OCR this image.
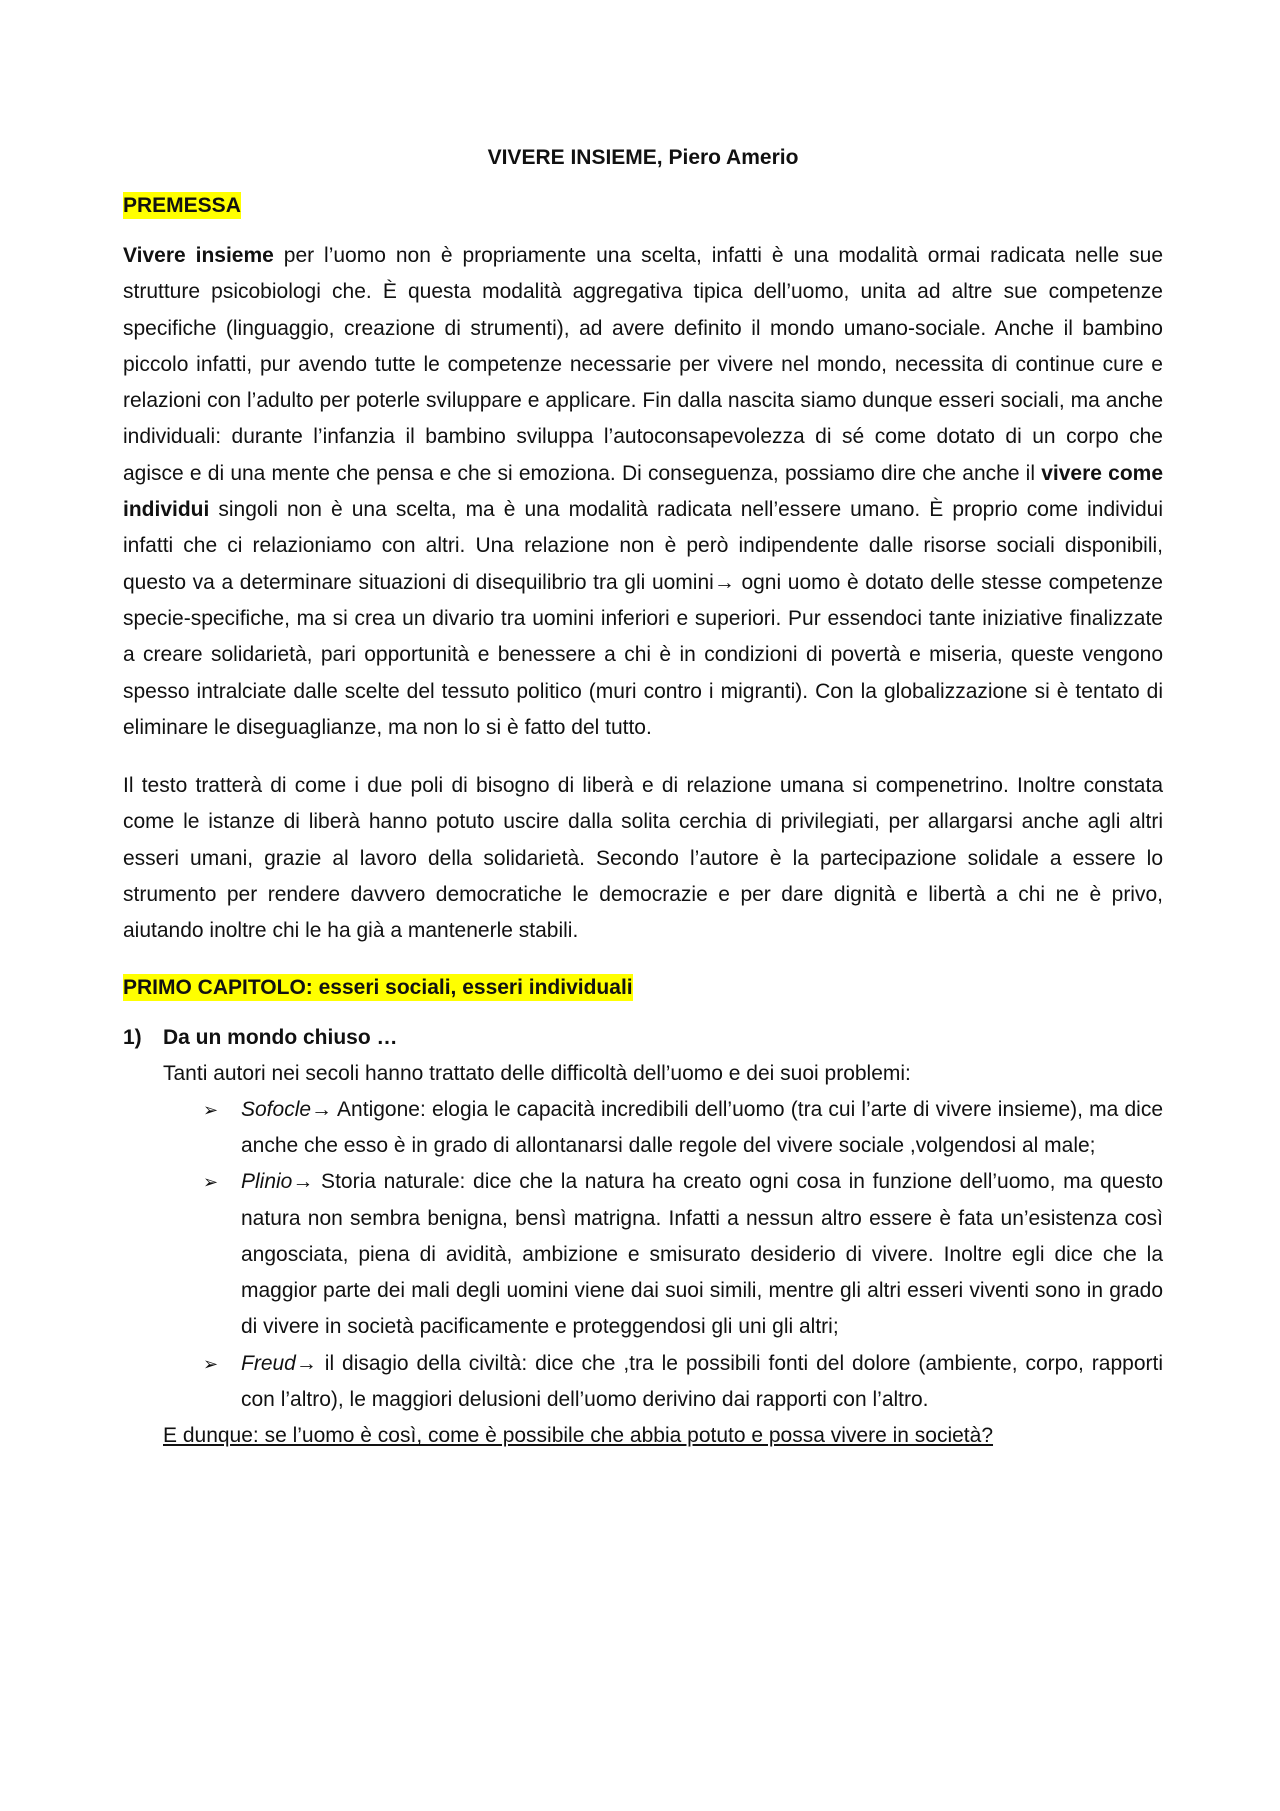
VIVERE INSIEME, Piero Amerio
PREMESSA

Vivere insieme per l’uomo non è propriamente una scelta, infatti è una modalità ormai radicata nelle sue strutture psicobiologi che. È questa modalità aggregativa tipica dell’uomo, unita ad altre sue competenze specifiche (linguaggio, creazione di strumenti), ad avere definito il mondo umano-sociale. Anche il bambino piccolo infatti, pur avendo tutte le competenze necessarie per vivere nel mondo, necessita di continue cure e relazioni con l’adulto per poterle sviluppare e applicare. Fin dalla nascita siamo dunque esseri sociali, ma anche individuali: durante l’infanzia il bambino sviluppa l’autoconsapevolezza di sé come dotato di un corpo che agisce e di una mente che pensa e che si emoziona. Di conseguenza, possiamo dire che anche il vivere come individui singoli non è una scelta, ma è una modalità radicata nell’essere umano. È proprio come individui infatti che ci relazioniamo con altri. Una relazione non è però indipendente dalle risorse sociali disponibili, questo va a determinare situazioni di disequilibrio tra gli uomini→ ogni uomo è dotato delle stesse competenze specie-specifiche, ma si crea un divario tra uomini inferiori e superiori. Pur essendoci tante iniziative finalizzate a creare solidarietà, pari opportunità e benessere a chi è in condizioni di povertà e miseria, queste vengono spesso intralciate dalle scelte del tessuto politico (muri contro i migranti). Con la globalizzazione si è tentato di eliminare le diseguaglianze, ma non lo si è fatto del tutto.

Il testo tratterà di come i due poli di bisogno di liberà e di relazione umana si compenetrino. Inoltre constata come le istanze di liberà hanno potuto uscire dalla solita cerchia di privilegiati, per allargarsi anche agli altri esseri umani, grazie al lavoro della solidarietà. Secondo l’autore è la partecipazione solidale a essere lo strumento per rendere davvero democratiche le democrazie e per dare dignità e libertà a chi ne è privo, aiutando inoltre chi le ha già a mantenerle stabili.

PRIMO CAPITOLO: esseri sociali, esseri individuali
1)	Da un mondo chiuso …
Tanti autori nei secoli hanno trattato delle difficoltà dell’uomo e dei suoi problemi:
➢ Sofocle→ Antigone: elogia le capacità incredibili dell’uomo (tra cui l’arte di vivere insieme), ma dice anche che esso è in grado di allontanarsi dalle regole del vivere sociale ,volgendosi al male;
➢ Plinio→ Storia naturale: dice che la natura ha creato ogni cosa in funzione dell’uomo, ma questo natura non sembra benigna, bensì matrigna. Infatti a nessun altro essere è fata un’esistenza così angosciata, piena di avidità, ambizione e smisurato desiderio di vivere. Inoltre egli dice che la maggior parte dei mali degli uomini viene dai suoi simili, mentre gli altri esseri viventi sono in grado di vivere in società pacificamente e proteggendosi gli uni gli altri;
➢ Freud→ il disagio della civiltà: dice che ,tra le possibili fonti del dolore (ambiente, corpo, rapporti con l’altro), le maggiori delusioni dell’uomo derivino dai rapporti con l’altro.
E dunque: se l’uomo è così, come è possibile che abbia potuto e possa vivere in società?
